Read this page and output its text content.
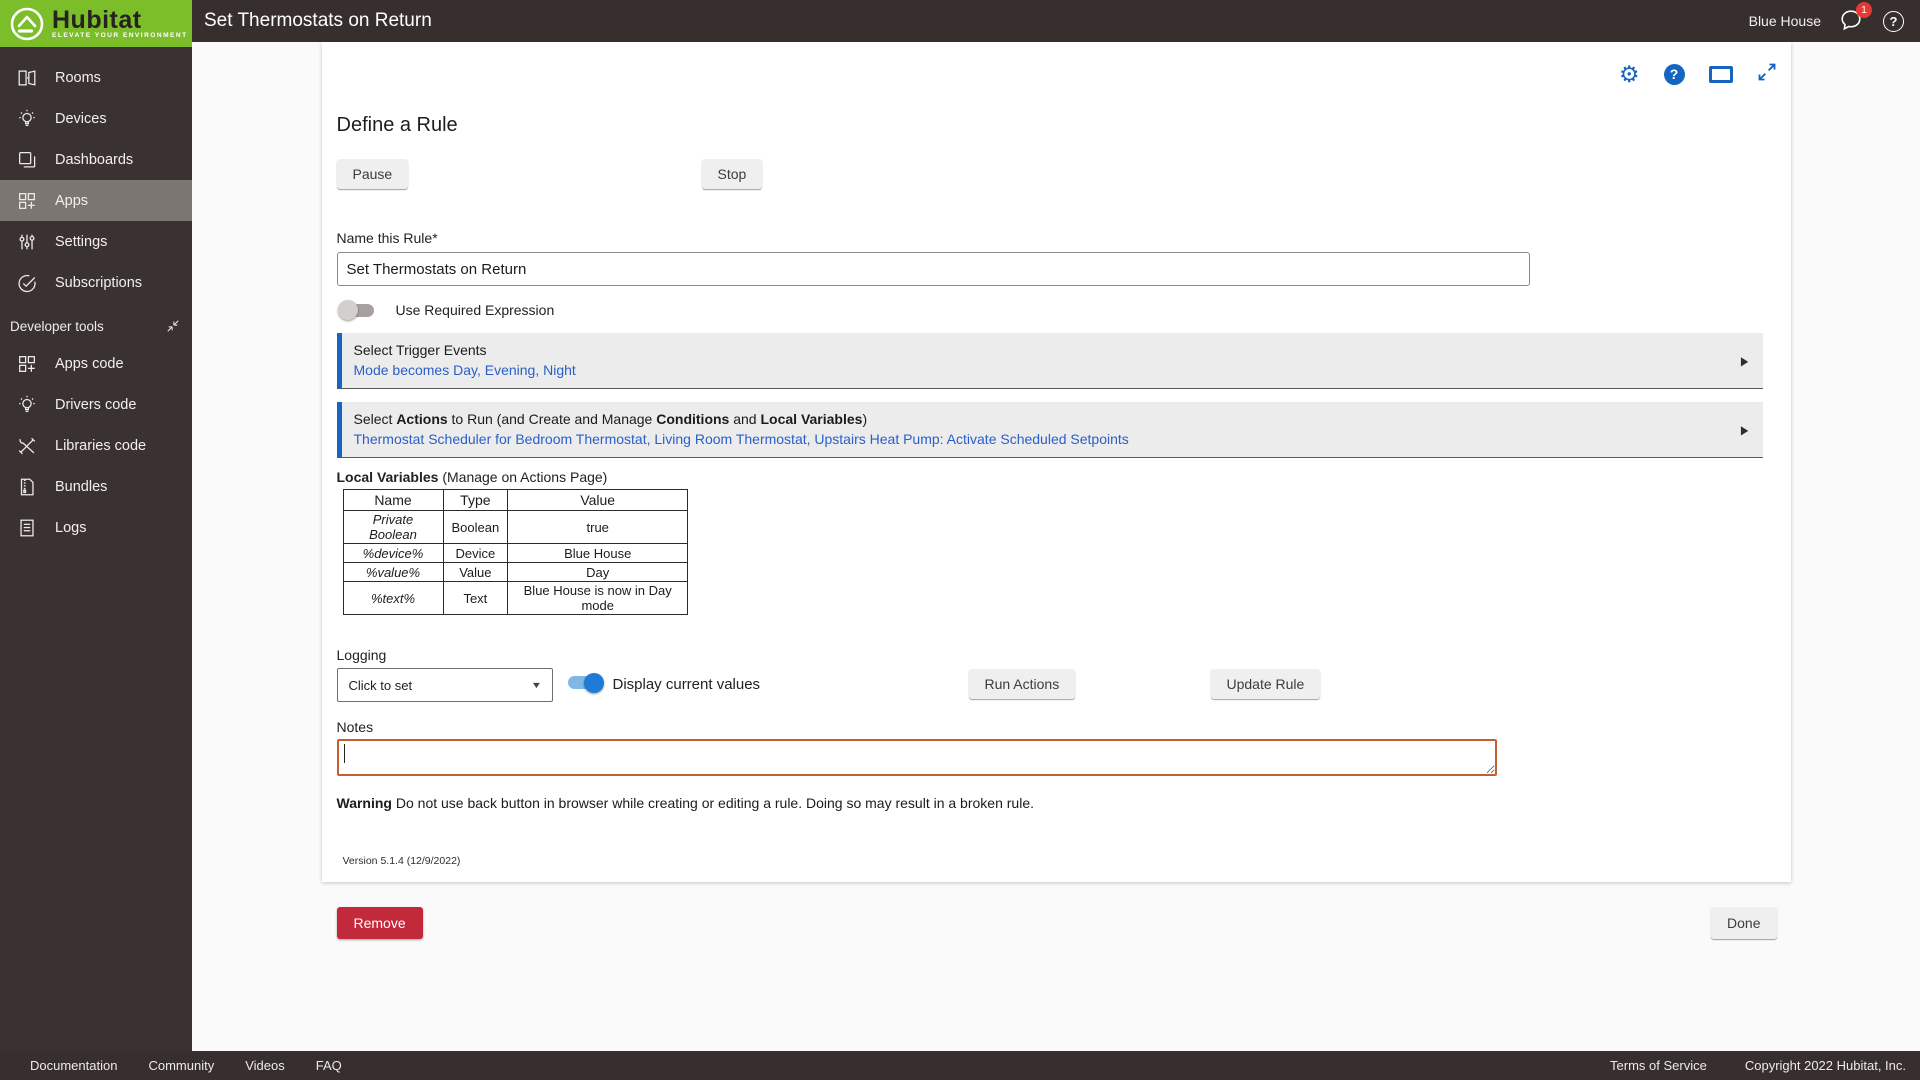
Hubitat
ELEVATE YOUR ENVIRONMENT
Rooms
Devices
Dashboards
Apps
Settings
Subscriptions
Developer tools
Apps code
Drivers code
Libraries code
Bundles
Logs
Set Thermostats on Return	Blue House
1
?
⚙	?
Define a Rule
Pause	Stop
Name this Rule*
Set Thermostats on Return
Use Required Expression
Select Trigger Events
Mode becomes Day, Evening, Night
▶
Select Actions to Run (and Create and Manage Conditions and Local Variables)
Thermostat Scheduler for Bedroom Thermostat, Living Room Thermostat, Upstairs Heat Pump: Activate Scheduled Setpoints
▶
Local Variables (Manage on Actions Page)
Name	Type	Value
Private Boolean	Boolean	true
%device%	Device	Blue House
%value%	Value	Day
%text%	Text	Blue House is now in Day mode
Logging
Click to set	▼	Display current values	Run Actions	Update Rule
Notes
Warning Do not use back button in browser while creating or editing a rule. Doing so may result in a broken rule.
Version 5.1.4 (12/9/2022)
Remove	Done
Documentation Community Videos FAQ	Terms of Service	Copyright 2022 Hubitat, Inc.
